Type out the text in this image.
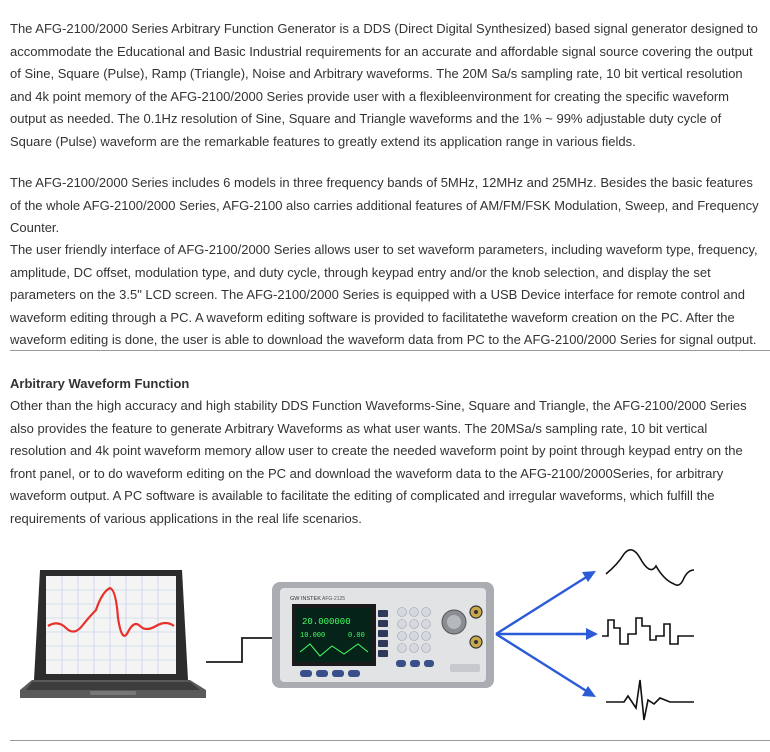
The AFG-2100/2000 Series Arbitrary Function Generator is a DDS (Direct Digital Synthesized) based signal generator designed to accommodate the Educational and Basic Industrial requirements for an accurate and affordable signal source covering the output of Sine, Square (Pulse), Ramp (Triangle), Noise and Arbitrary waveforms. The 20M Sa/s sampling rate, 10 bit vertical resolution and 4k point memory of the AFG-2100/2000 Series provide user with a flexibleenvironment for creating the specific waveform output as needed. The 0.1Hz resolution of Sine, Square and Triangle waveforms and the 1% ~ 99% adjustable duty cycle of Square (Pulse) waveform are the remarkable features to greatly extend its application range in various fields.

The AFG-2100/2000 Series includes 6 models in three frequency bands of 5MHz, 12MHz and 25MHz. Besides the basic features of the whole AFG-2100/2000 Series, AFG-2100 also carries additional features of AM/FM/FSK Modulation, Sweep, and Frequency Counter.

The user friendly interface of AFG-2100/2000 Series allows user to set waveform parameters, including waveform type, frequency, amplitude, DC offset, modulation type, and duty cycle, through keypad entry and/or the knob selection, and display the set parameters on the 3.5" LCD screen. The AFG-2100/2000 Series is equipped with a USB Device interface for remote control and waveform editing through a PC. A waveform editing software is provided to facilitatethe waveform creation on the PC. After the waveform editing is done, the user is able to download the waveform data from PC to the AFG-2100/2000 Series for signal output.

Arbitrary Waveform Function

Other than the high accuracy and high stability DDS Function Waveforms-Sine, Square and Triangle, the AFG-2100/2000 Series also provides the feature to generate Arbitrary Waveforms as what user wants. The 20MSa/s sampling rate, 10 bit vertical resolution and 4k point waveform memory allow user to create the needed waveform point by point through keypad entry on the front panel, or to do waveform editing on the PC and download the waveform data to the AFG-2100/2000Series, for arbitrary waveform output. A PC software is available to facilitate the editing of complicated and irregular waveforms, which fulfill the requirements of various applications in the real life scenarios.

GW INSTEK AFG-2125
20.000000
10.000	0.00
